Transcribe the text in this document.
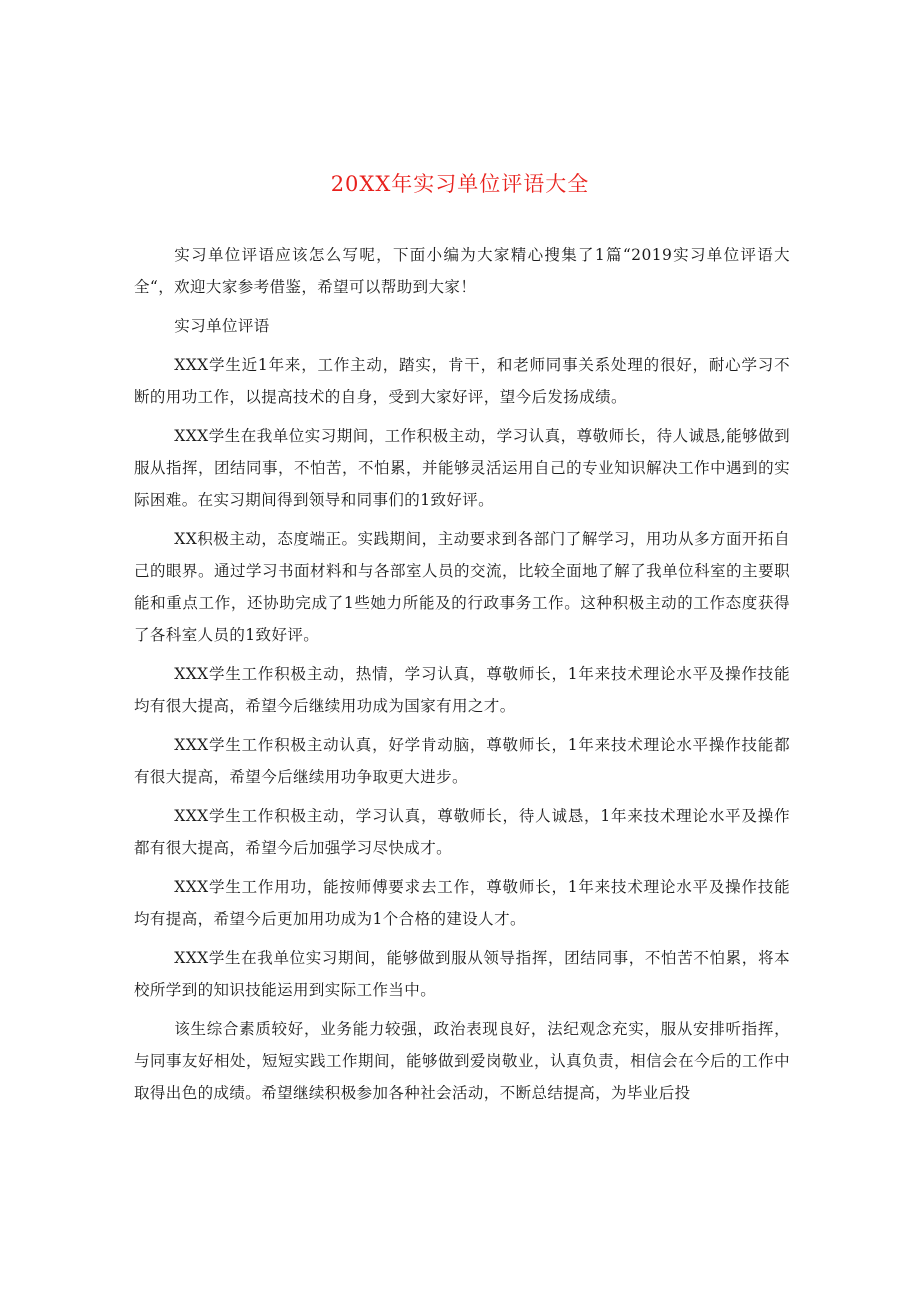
20XX年实习单位评语大全

实习单位评语应该怎么写呢，下面小编为大家精心搜集了1篇“2019实习单位评语大全“，欢迎大家参考借鉴，希望可以帮助到大家！

实习单位评语

XXX学生近1年来，工作主动，踏实，肯干，和老师同事关系处理的很好，耐心学习不断的用功工作，以提高技术的自身，受到大家好评，望今后发扬成绩。

XXX学生在我单位实习期间，工作积极主动，学习认真，尊敬师长，待人诚恳,能够做到服从指挥，团结同事，不怕苦，不怕累，并能够灵活运用自己的专业知识解决工作中遇到的实际困难。在实习期间得到领导和同事们的1致好评。

XX积极主动，态度端正。实践期间，主动要求到各部门了解学习，用功从多方面开拓自己的眼界。通过学习书面材料和与各部室人员的交流，比较全面地了解了我单位科室的主要职能和重点工作，还协助完成了1些她力所能及的行政事务工作。这种积极主动的工作态度获得了各科室人员的1致好评。

XXX学生工作积极主动，热情，学习认真，尊敬师长，1年来技术理论水平及操作技能均有很大提高，希望今后继续用功成为国家有用之才。

XXX学生工作积极主动认真，好学肯动脑，尊敬师长，1年来技术理论水平操作技能都有很大提高，希望今后继续用功争取更大进步。

XXX学生工作积极主动，学习认真，尊敬师长，待人诚恳，1年来技术理论水平及操作都有很大提高，希望今后加强学习尽快成才。

XXX学生工作用功，能按师傅要求去工作，尊敬师长，1年来技术理论水平及操作技能均有提高，希望今后更加用功成为1个合格的建设人才。

XXX学生在我单位实习期间，能够做到服从领导指挥，团结同事，不怕苦不怕累，将本校所学到的知识技能运用到实际工作当中。

该生综合素质较好，业务能力较强，政治表现良好，法纪观念充实，服从安排听指挥，与同事友好相处，短短实践工作期间，能够做到爱岗敬业，认真负责，相信会在今后的工作中取得出色的成绩。希望继续积极参加各种社会活动，不断总结提高，为毕业后投
